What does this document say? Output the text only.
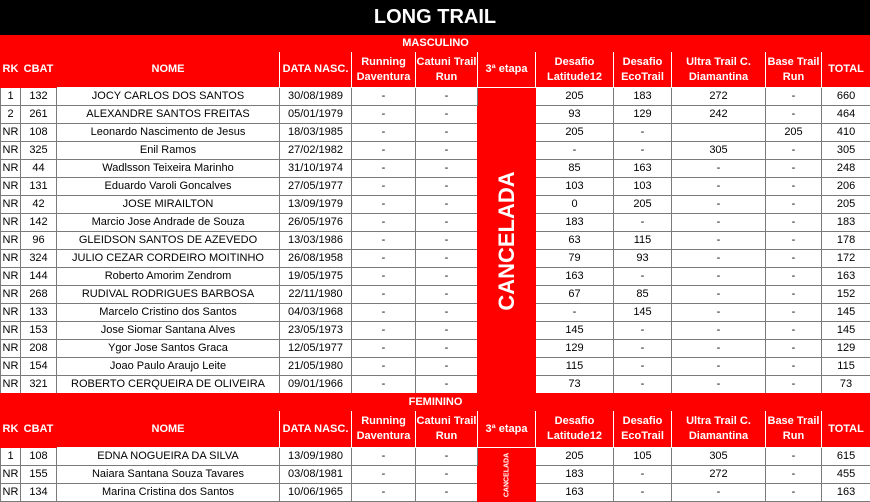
LONG TRAIL
MASCULINO											
RK	CBAT	NOME	DATA NASC.	Running Daventura	Catuni Trail Run	3ª etapa	Desafio Latitude12	Desafio EcoTrail	Ultra Trail C. Diamantina	Base Trail Run	TOTAL
1	132	JOCY CARLOS DOS SANTOS	30/08/1989	-	-	CANCELADA	205	183	272	-	660
2	261	ALEXANDRE SANTOS FREITAS	05/01/1979	-	-		93	129	242	-	464
NR	108	Leonardo Nascimento de Jesus	18/03/1985	-	-		205	-		205	410
NR	325	Enil Ramos	27/02/1982	-	-		-	-	305	-	305
NR	44	Wadlsson Teixeira Marinho	31/10/1974	-	-		85	163	-	-	248
NR	131	Eduardo Varoli Goncalves	27/05/1977	-	-		103	103	-	-	206
NR	42	JOSE MIRAILTON	13/09/1979	-	-		0	205	-	-	205
NR	142	Marcio Jose Andrade de Souza	26/05/1976	-	-		183	-	-	-	183
NR	96	GLEIDSON SANTOS DE AZEVEDO	13/03/1986	-	-		63	115	-	-	178
NR	324	JULIO CEZAR CORDEIRO MOITINHO	26/08/1958	-	-		79	93	-	-	172
NR	144	Roberto Amorim Zendrom	19/05/1975	-	-		163	-	-	-	163
NR	268	RUDIVAL RODRIGUES BARBOSA	22/11/1980	-	-		67	85	-	-	152
NR	133	Marcelo Cristino dos Santos	04/03/1968	-	-		-	145	-	-	145
NR	153	Jose Siomar Santana Alves	23/05/1973	-	-		145	-	-	-	145
NR	208	Ygor Jose Santos Graca	12/05/1977	-	-		129	-	-	-	129
NR	154	Joao Paulo Araujo Leite	21/05/1980	-	-		115	-	-	-	115
NR	321	ROBERTO CERQUEIRA DE OLIVEIRA	09/01/1966	-	-		73	-	-	-	73
FEMININO											
RK	CBAT	NOME	DATA NASC.	Running Daventura	Catuni Trail Run	3ª etapa	Desafio Latitude12	Desafio EcoTrail	Ultra Trail C. Diamantina	Base Trail Run	TOTAL
1	108	EDNA NOGUEIRA DA SILVA	13/09/1980	-	-	CANCELADA	205	105	305	-	615
NR	155	Naiara Santana Souza Tavares	03/08/1981	-	-		183	-	272	-	455
NR	134	Marina Cristina dos Santos	10/06/1965	-	-		163	-	-	-	163
